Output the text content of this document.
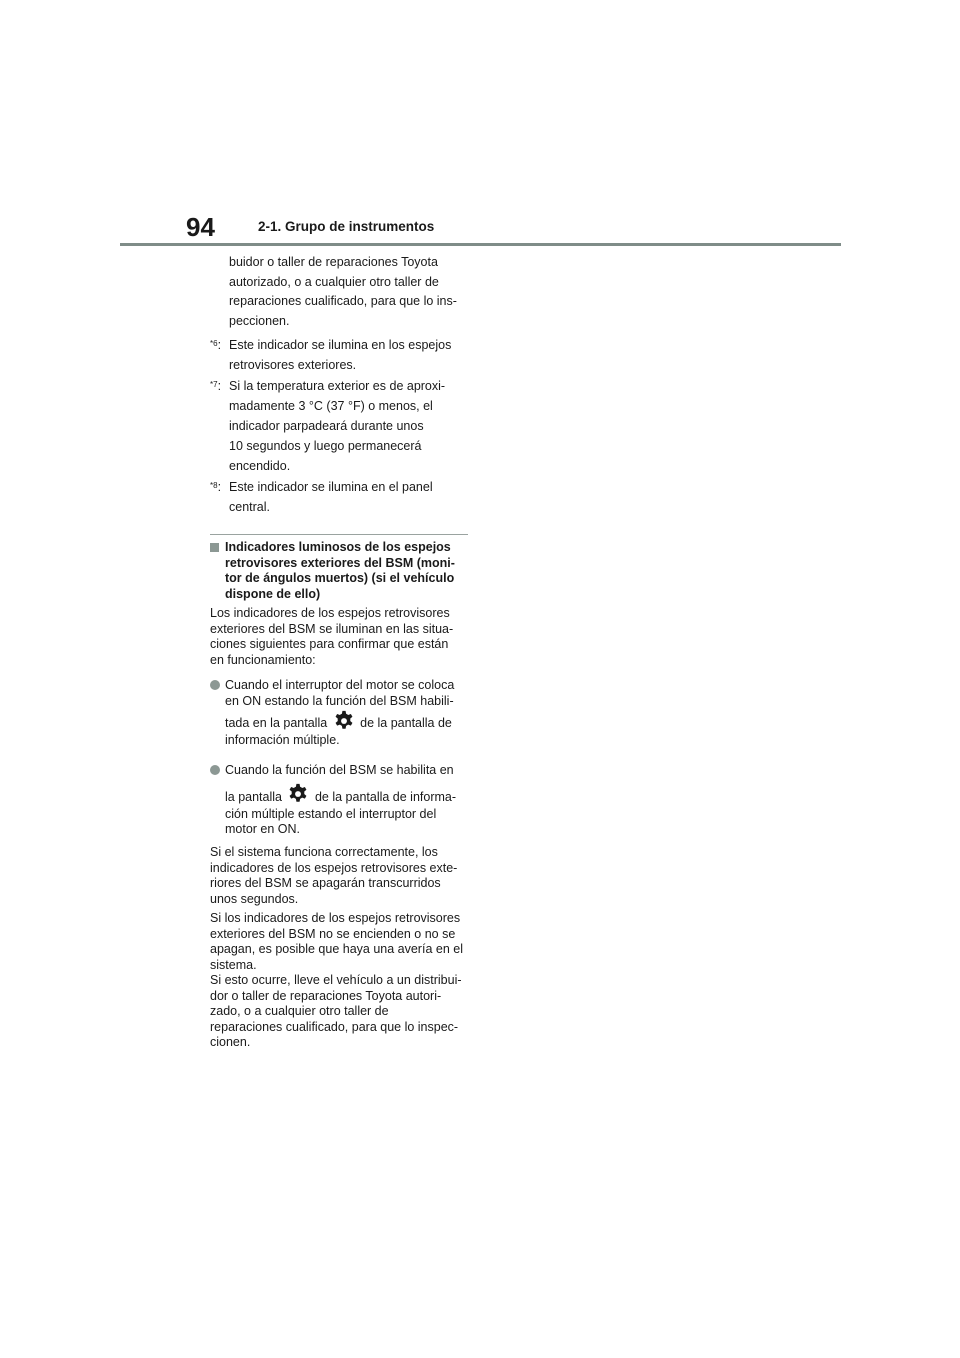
94	2-1. Grupo de instrumentos
buidor o taller de reparaciones Toyota
autorizado, o a cualquier otro taller de
reparaciones cualificado, para que lo ins-
peccionen.
$^{*6}$: Este indicador se ilumina en los espejos
retrovisores exteriores.
$^{*7}$: Si la temperatura exterior es de aproxi-
madamente 3 °C (37 °F) o menos, el
indicador parpadeará durante unos
10 segundos y luego permanecerá
encendido.
$^{*8}$: Este indicador se ilumina en el panel
central.
Indicadores luminosos de los espejos
retrovisores exteriores del BSM (moni-
tor de ángulos muertos) (si el vehículo
dispone de ello)
Los indicadores de los espejos retrovisores
exteriores del BSM se iluminan en las situa-
ciones siguientes para confirmar que están
en funcionamiento:
Cuando el interruptor del motor se coloca
en ON estando la función del BSM habili-
tada en la pantalla	de la pantalla de
información múltiple.
Cuando la función del BSM se habilita en
la pantalla	de la pantalla de informa-
ción múltiple estando el interruptor del
motor en ON.
Si el sistema funciona correctamente, los
indicadores de los espejos retrovisores exte-
riores del BSM se apagarán transcurridos
unos segundos.
Si los indicadores de los espejos retrovisores
exteriores del BSM no se encienden o no se
apagan, es posible que haya una avería en el
sistema.
Si esto ocurre, lleve el vehículo a un distribui-
dor o taller de reparaciones Toyota autori-
zado, o a cualquier otro taller de
reparaciones cualificado, para que lo inspec-
cionen.
